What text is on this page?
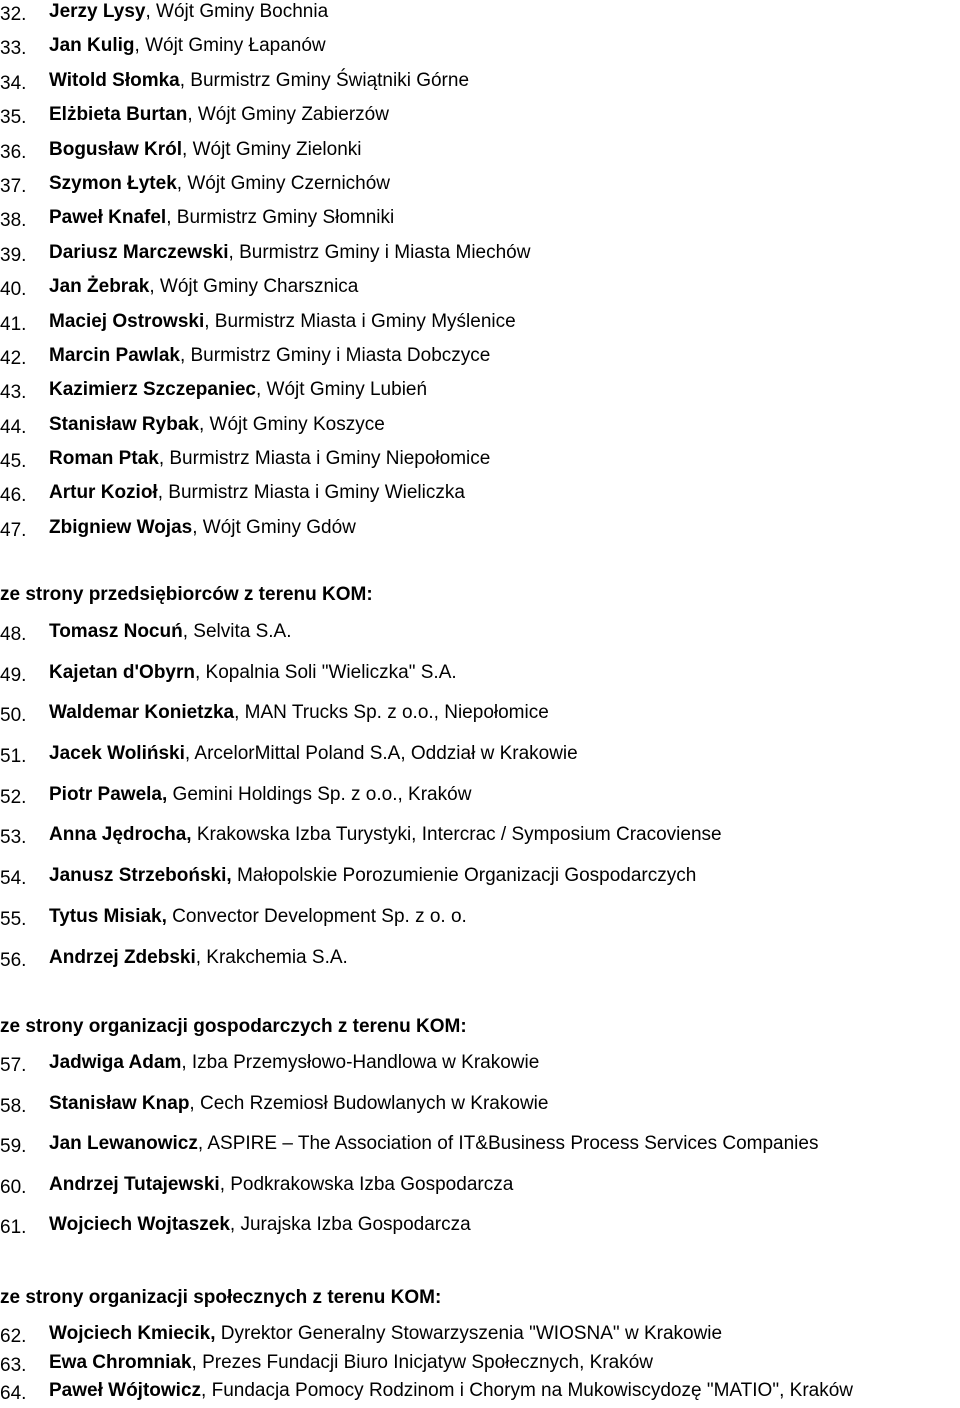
32.	Jerzy Lysy, Wójt Gminy Bochnia
33.	Jan Kulig, Wójt Gminy Łapanów
34.	Witold Słomka, Burmistrz Gminy Świątniki Górne
35.	Elżbieta Burtan, Wójt Gminy Zabierzów
36.	Bogusław Król, Wójt Gminy Zielonki
37.	Szymon Łytek, Wójt Gminy Czernichów
38.	Paweł Knafel, Burmistrz Gminy Słomniki
39.	Dariusz Marczewski, Burmistrz Gminy i Miasta Miechów
40.	Jan Żebrak, Wójt Gminy Charsznica
41.	Maciej Ostrowski, Burmistrz Miasta i Gminy Myślenice
42.	Marcin Pawlak, Burmistrz Gminy i Miasta Dobczyce
43.	Kazimierz Szczepaniec, Wójt Gminy Lubień
44.	Stanisław Rybak, Wójt Gminy Koszyce
45.	Roman Ptak, Burmistrz Miasta i Gminy Niepołomice
46.	Artur Kozioł, Burmistrz Miasta i Gminy Wieliczka
47.	Zbigniew Wojas, Wójt Gminy Gdów
ze strony przedsiębiorców z terenu KOM:
48.	Tomasz Nocuń, Selvita S.A.
49.	Kajetan d'Obyrn, Kopalnia Soli "Wieliczka" S.A.
50.	Waldemar Konietzka, MAN Trucks Sp. z o.o., Niepołomice
51.	Jacek Woliński, ArcelorMittal Poland S.A, Oddział w Krakowie
52.	Piotr Pawela, Gemini Holdings Sp. z o.o., Kraków
53.	Anna Jędrocha, Krakowska Izba Turystyki, Intercrac / Symposium Cracoviense
54.	Janusz Strzeboński, Małopolskie Porozumienie Organizacji Gospodarczych
55.	Tytus Misiak, Convector Development Sp. z o. o.
56.	Andrzej Zdebski, Krakchemia S.A.
ze strony organizacji gospodarczych z terenu KOM:
57.	Jadwiga Adam, Izba Przemysłowo-Handlowa w Krakowie
58.	Stanisław Knap, Cech Rzemiosł Budowlanych w Krakowie
59.	Jan Lewanowicz, ASPIRE – The Association of IT&Business Process Services Companies
60.	Andrzej Tutajewski, Podkrakowska Izba Gospodarcza
61.	Wojciech Wojtaszek, Jurajska Izba Gospodarcza
ze strony organizacji społecznych z terenu KOM:
62.	Wojciech Kmiecik, Dyrektor Generalny Stowarzyszenia "WIOSNA" w Krakowie
63.	Ewa Chromniak, Prezes Fundacji Biuro Inicjatyw Społecznych, Kraków
64.	Paweł Wójtowicz, Fundacja Pomocy Rodzinom i Chorym na Mukowiscydozę "MATIO", Kraków
